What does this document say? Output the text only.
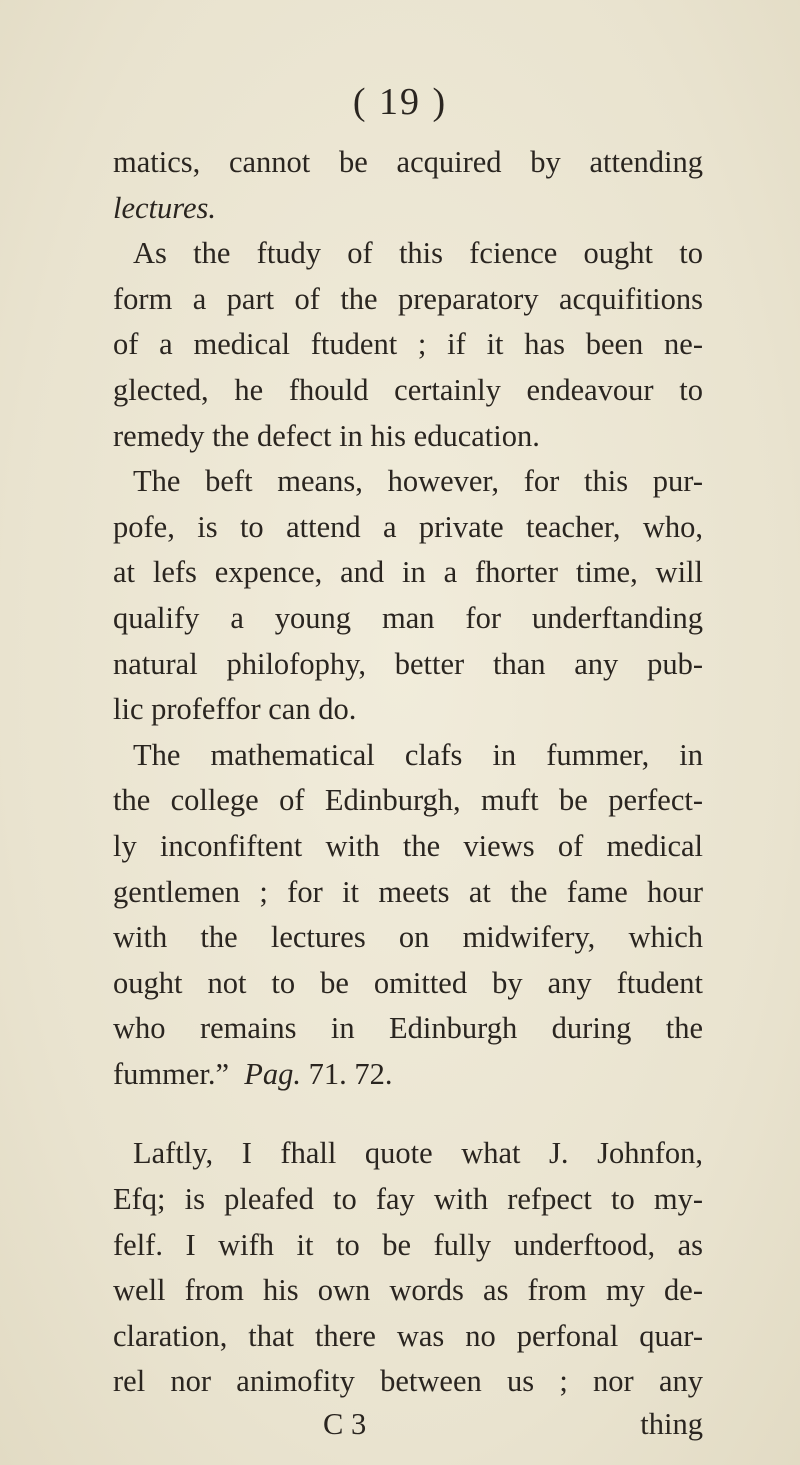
( 19 )
matics, cannot be acquired by attending
lectures.
As the ftudy of this fcience ought to
form a part of the preparatory acquifitions
of a medical ftudent ; if it has been ne-
glected, he fhould certainly endeavour to
remedy the defect in his education.
The beft means, however, for this pur-
pofe, is to attend a private teacher, who,
at lefs expence, and in a fhorter time, will
qualify a young man for underftanding
natural philofophy, better than any pub-
lic profeffor can do.
The mathematical clafs in fummer, in
the college of Edinburgh, muft be perfect-
ly inconfiftent with the views of medical
gentlemen ; for it meets at the fame hour
with the lectures on midwifery, which
ought not to be omitted by any ftudent
who remains in Edinburgh during the
fummer.” Pag. 71. 72.
Laftly, I fhall quote what J. Johnfon,
Efq; is pleafed to fay with refpect to my-
felf. I wifh it to be fully underftood, as
well from his own words as from my de-
claration, that there was no perfonal quar-
rel nor animofity between us ; nor any
C 3	thing
